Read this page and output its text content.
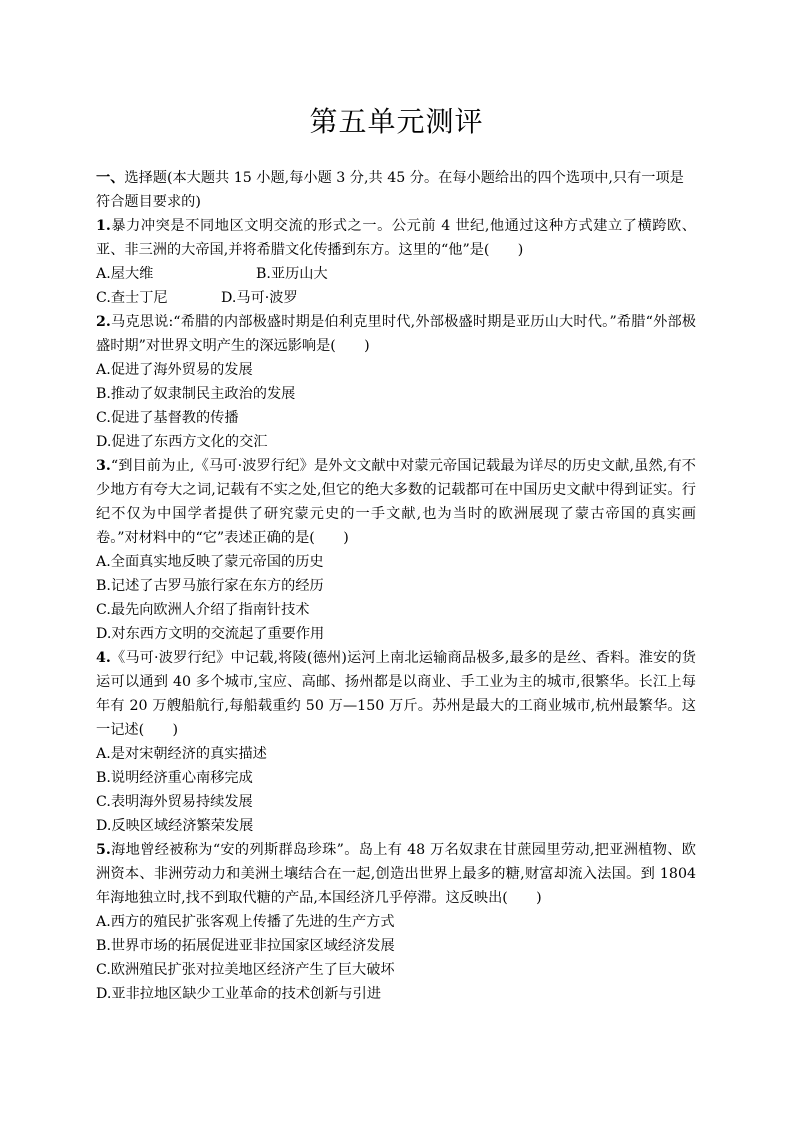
第五单元测评

一、选择题(本大题共 15 小题,每小题 3 分,共 45 分。在每小题给出的四个选项中,只有一项是符合题目要求的)

1.暴力冲突是不同地区文明交流的形式之一。公元前 4 世纪,他通过这种方式建立了横跨欧、亚、非三洲的大帝国,并将希腊文化传播到东方。这里的“他”是(　　)

A.屋大维	B.亚历山大

C.查士丁尼	D.马可·波罗

2.马克思说:“希腊的内部极盛时期是伯利克里时代,外部极盛时期是亚历山大时代。”希腊“外部极盛时期”对世界文明产生的深远影响是(　　)

A.促进了海外贸易的发展

B.推动了奴隶制民主政治的发展

C.促进了基督教的传播

D.促进了东西方文化的交汇

3.“到目前为止,《马可·波罗行纪》是外文文献中对蒙元帝国记载最为详尽的历史文献,虽然,有不少地方有夸大之词,记载有不实之处,但它的绝大多数的记载都可在中国历史文献中得到证实。行纪不仅为中国学者提供了研究蒙元史的一手文献,也为当时的欧洲展现了蒙古帝国的真实画卷。”对材料中的“它”表述正确的是(　　)

A.全面真实地反映了蒙元帝国的历史

B.记述了古罗马旅行家在东方的经历

C.最先向欧洲人介绍了指南针技术

D.对东西方文明的交流起了重要作用

4.《马可·波罗行纪》中记载,将陵(德州)运河上南北运输商品极多,最多的是丝、香料。淮安的货运可以通到 40 多个城市,宝应、高邮、扬州都是以商业、手工业为主的城市,很繁华。长江上每年有 20 万艘船航行,每船载重约 50 万—150 万斤。苏州是最大的工商业城市,杭州最繁华。这一记述(　　)

A.是对宋朝经济的真实描述

B.说明经济重心南移完成

C.表明海外贸易持续发展

D.反映区域经济繁荣发展

5.海地曾经被称为“安的列斯群岛珍珠”。岛上有 48 万名奴隶在甘蔗园里劳动,把亚洲植物、欧洲资本、非洲劳动力和美洲土壤结合在一起,创造出世界上最多的糖,财富却流入法国。到 1804 年海地独立时,找不到取代糖的产品,本国经济几乎停滞。这反映出(　　)

A.西方的殖民扩张客观上传播了先进的生产方式

B.世界市场的拓展促进亚非拉国家区域经济发展

C.欧洲殖民扩张对拉美地区经济产生了巨大破坏

D.亚非拉地区缺少工业革命的技术创新与引进
